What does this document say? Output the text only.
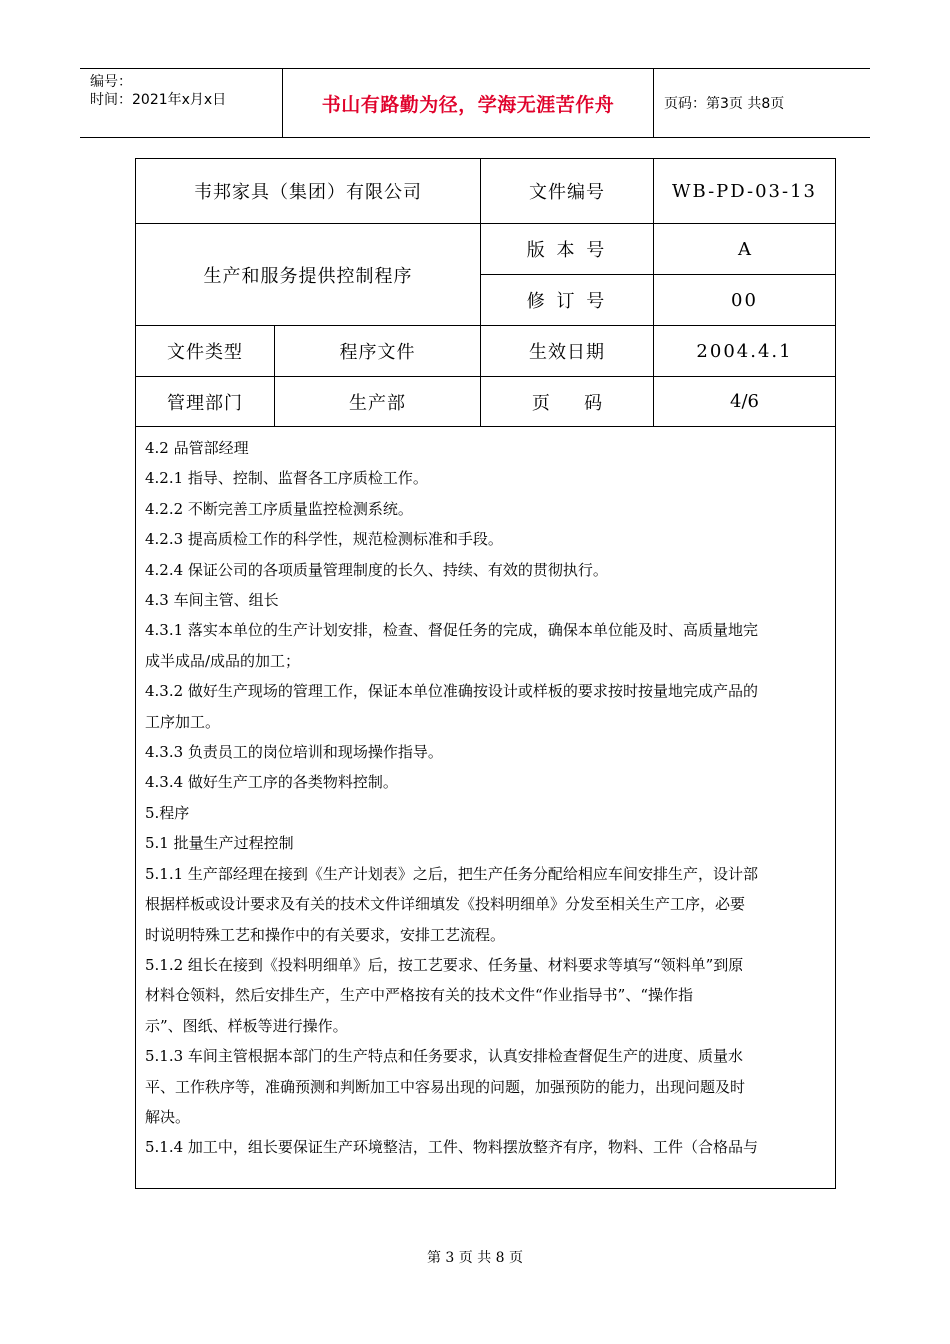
编号：
时间：2021年x月x日	书山有路勤为径，学海无涯苦作舟	页码：第3页 共8页
韦邦家具（集团）有限公司	文件编号	WB-PD-03-13
生产和服务提供控制程序
版 本 号	A
修 订 号	00
文件类型	程序文件	生效日期	2004.4.1
管理部门	生产部	页      码	4/6

4.2 品管部经理

4.2.1 指导、控制、监督各工序质检工作。

4.2.2 不断完善工序质量监控检测系统。

4.2.3 提高质检工作的科学性，规范检测标准和手段。

4.2.4 保证公司的各项质量管理制度的长久、持续、有效的贯彻执行。

4.3 车间主管、组长

4.3.1 落实本单位的生产计划安排，检查、督促任务的完成，确保本单位能及时、高质量地完

成半成品/成品的加工；

4.3.2 做好生产现场的管理工作，保证本单位准确按设计或样板的要求按时按量地完成产品的

工序加工。

4.3.3 负责员工的岗位培训和现场操作指导。

4.3.4 做好生产工序的各类物料控制。

5.程序

5.1 批量生产过程控制

5.1.1 生产部经理在接到《生产计划表》之后，把生产任务分配给相应车间安排生产，设计部

根据样板或设计要求及有关的技术文件详细填发《投料明细单》分发至相关生产工序，必要

时说明特殊工艺和操作中的有关要求，安排工艺流程。

5.1.2 组长在接到《投料明细单》后，按工艺要求、任务量、材料要求等填写“领料单”到原

材料仓领料，然后安排生产，生产中严格按有关的技术文件“作业指导书”、“操作指

示”、图纸、样板等进行操作。

5.1.3 车间主管根据本部门的生产特点和任务要求，认真安排检查督促生产的进度、质量水

平、工作秩序等，准确预测和判断加工中容易出现的问题，加强预防的能力，出现问题及时

解决。

5.1.4 加工中，组长要保证生产环境整洁，工件、物料摆放整齐有序，物料、工件（合格品与

第 3 页 共 8 页
